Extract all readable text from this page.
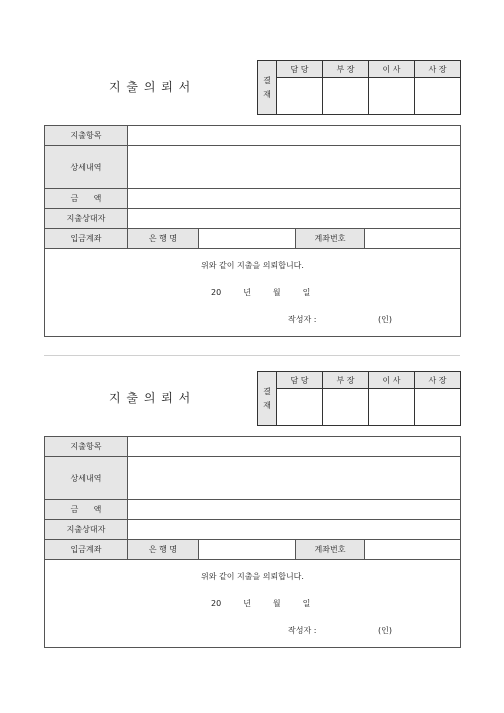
지 출 의 뢰 서	결
재	담 당	부 장	이 사	사 장

지출항목				
상세내역				
금      액				
지출상대자				
입금계좌	은 행 명		계좌번호	

위와 같이 지출을 의뢰합니다.
20 년 월 일
작성자 : (인)				
지 출 의 뢰 서	결
재	담 당	부 장	이 사	사 장

지출항목				
상세내역				
금      액				
지출상대자				
입금계좌	은 행 명		계좌번호	

위와 같이 지출을 의뢰합니다.
20 년 월 일
작성자 : (인)				
